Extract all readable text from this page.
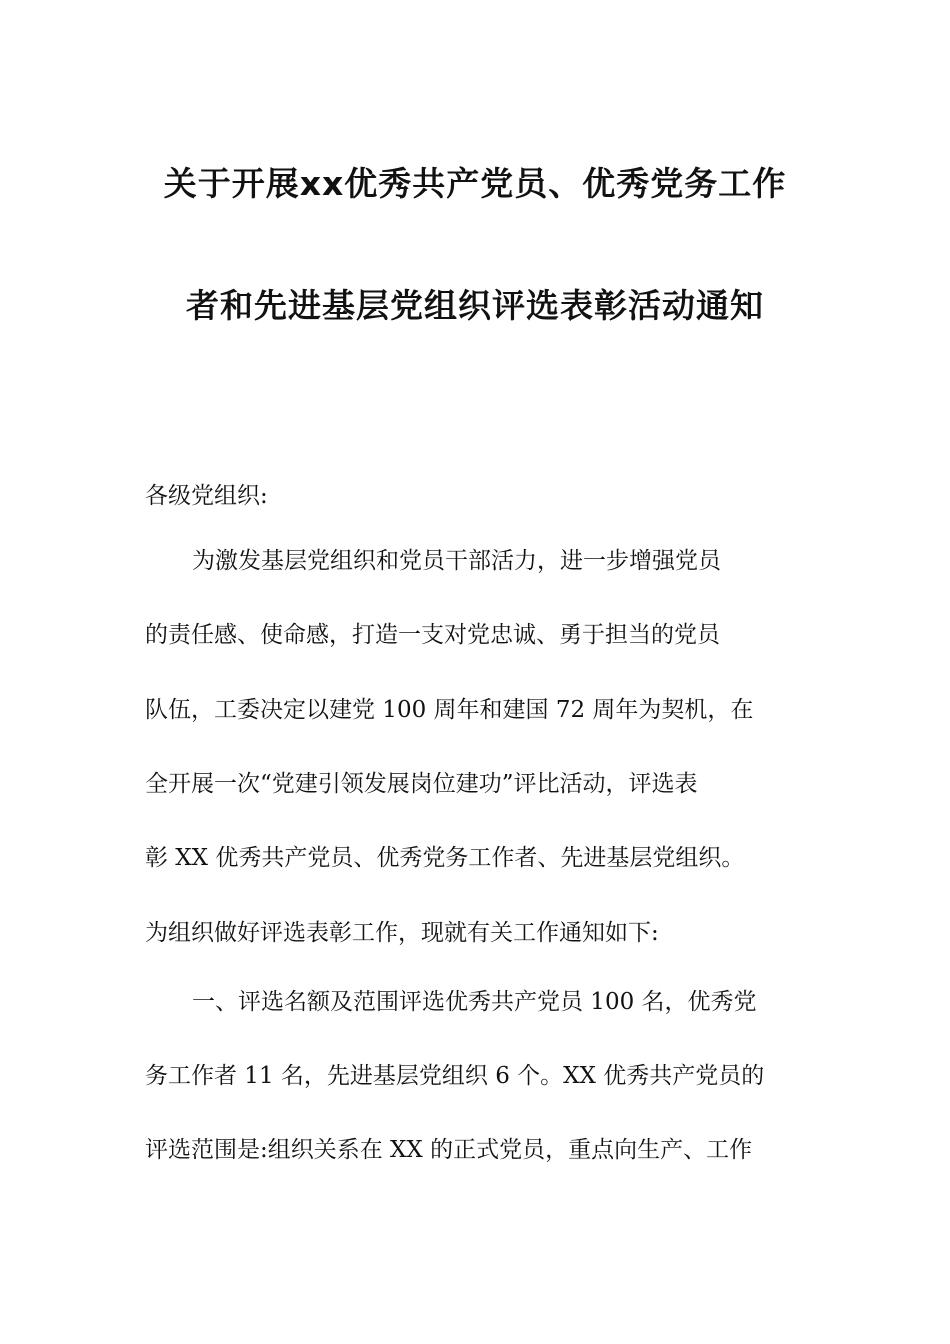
关于开展xx优秀共产党员、优秀党务工作
者和先进基层党组织评选表彰活动通知
各级党组织:
为激发基层党组织和党员干部活力，进一步增强党员
的责任感、使命感，打造一支对党忠诚、勇于担当的党员
队伍，工委决定以建党 100 周年和建国 72 周年为契机，在
全开展一次“党建引领发展岗位建功”评比活动，评选表
彰 XX 优秀共产党员、优秀党务工作者、先进基层党组织。
为组织做好评选表彰工作，现就有关工作通知如下:
一、评选名额及范围评选优秀共产党员 100 名，优秀党
务工作者 11 名，先进基层党组织 6 个。XX 优秀共产党员的
评选范围是:组织关系在 XX 的正式党员，重点向生产、工作
